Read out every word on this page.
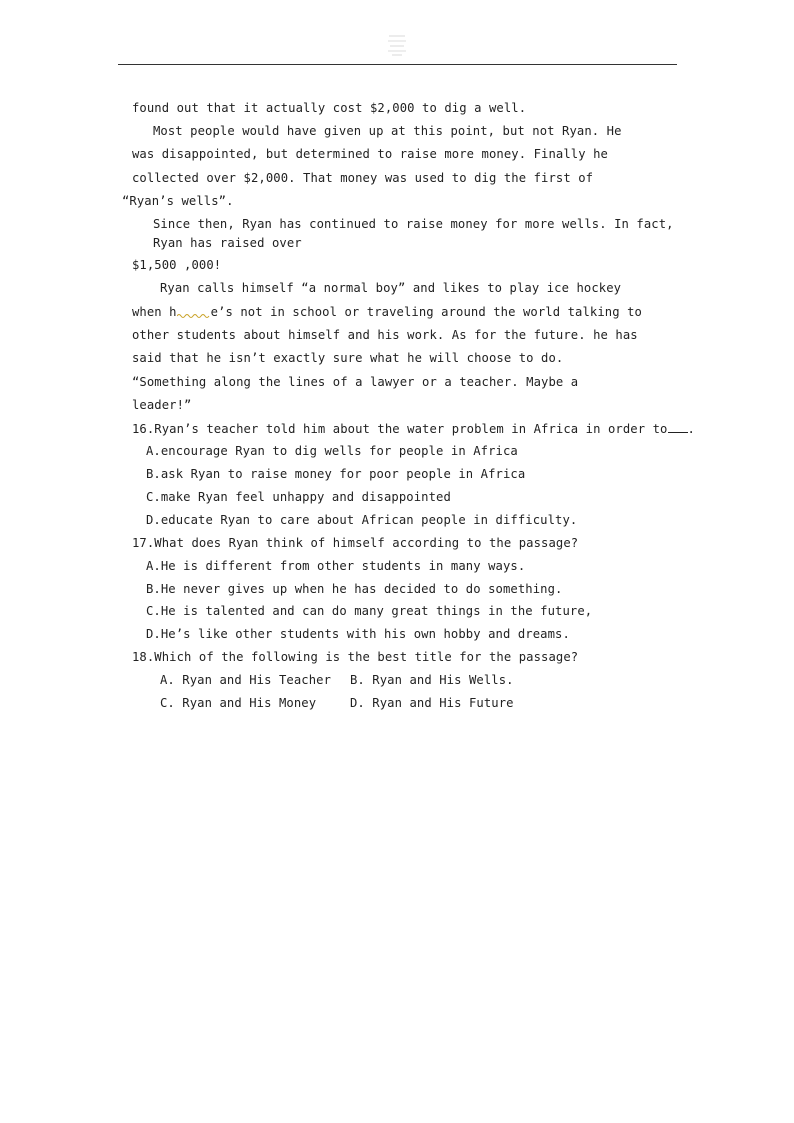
found out that it actually cost $2,000 to dig a well.
Most people would have given up at this point, but not Ryan. He
was disappointed, but determined to raise more money. Finally he
collected over $2,000. That money was used to dig the first of
“Ryan’s wells”.
Since then, Ryan has continued to raise money for more wells. In fact,
Ryan has raised over
$1,500 ,000!
Ryan calls himself “a normal boy” and likes to play ice hockey
when h	e’s not in school or traveling around the world talking to
other students about himself and his work. As for the future. he has
said that he isn’t exactly sure what he will choose to do.
“Something along the lines of a lawyer or a teacher. Maybe a
leader!”
16.Ryan’s teacher told him about the water problem in Africa in order to .
A.encourage Ryan to dig wells for people in Africa
B.ask Ryan to raise money for poor people in Africa
C.make Ryan feel unhappy and disappointed
D.educate Ryan to care about African people in difficulty.
17.What does Ryan think of himself according to the passage?
A.He is different from other students in many ways.
B.He never gives up when he has decided to do something.
C.He is talented and can do many great things in the future,
D.He’s like other students with his own hobby and dreams.
18.Which of the following is the best title for the passage?
A. Ryan and His Teacher B. Ryan and His Wells.
C. Ryan and His Money	D. Ryan and His Future
